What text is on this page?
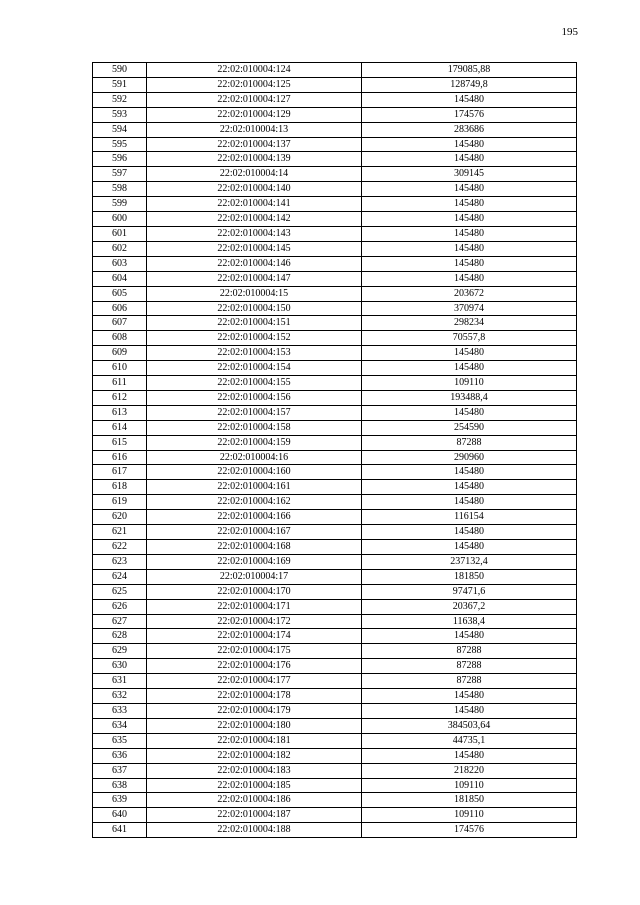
195
590	22:02:010004:124	179085,88
591	22:02:010004:125	128749,8
592	22:02:010004:127	145480
593	22:02:010004:129	174576
594	22:02:010004:13	283686
595	22:02:010004:137	145480
596	22:02:010004:139	145480
597	22:02:010004:14	309145
598	22:02:010004:140	145480
599	22:02:010004:141	145480
600	22:02:010004:142	145480
601	22:02:010004:143	145480
602	22:02:010004:145	145480
603	22:02:010004:146	145480
604	22:02:010004:147	145480
605	22:02:010004:15	203672
606	22:02:010004:150	370974
607	22:02:010004:151	298234
608	22:02:010004:152	70557,8
609	22:02:010004:153	145480
610	22:02:010004:154	145480
611	22:02:010004:155	109110
612	22:02:010004:156	193488,4
613	22:02:010004:157	145480
614	22:02:010004:158	254590
615	22:02:010004:159	87288
616	22:02:010004:16	290960
617	22:02:010004:160	145480
618	22:02:010004:161	145480
619	22:02:010004:162	145480
620	22:02:010004:166	116154
621	22:02:010004:167	145480
622	22:02:010004:168	145480
623	22:02:010004:169	237132,4
624	22:02:010004:17	181850
625	22:02:010004:170	97471,6
626	22:02:010004:171	20367,2
627	22:02:010004:172	11638,4
628	22:02:010004:174	145480
629	22:02:010004:175	87288
630	22:02:010004:176	87288
631	22:02:010004:177	87288
632	22:02:010004:178	145480
633	22:02:010004:179	145480
634	22:02:010004:180	384503,64
635	22:02:010004:181	44735,1
636	22:02:010004:182	145480
637	22:02:010004:183	218220
638	22:02:010004:185	109110
639	22:02:010004:186	181850
640	22:02:010004:187	109110
641	22:02:010004:188	174576
